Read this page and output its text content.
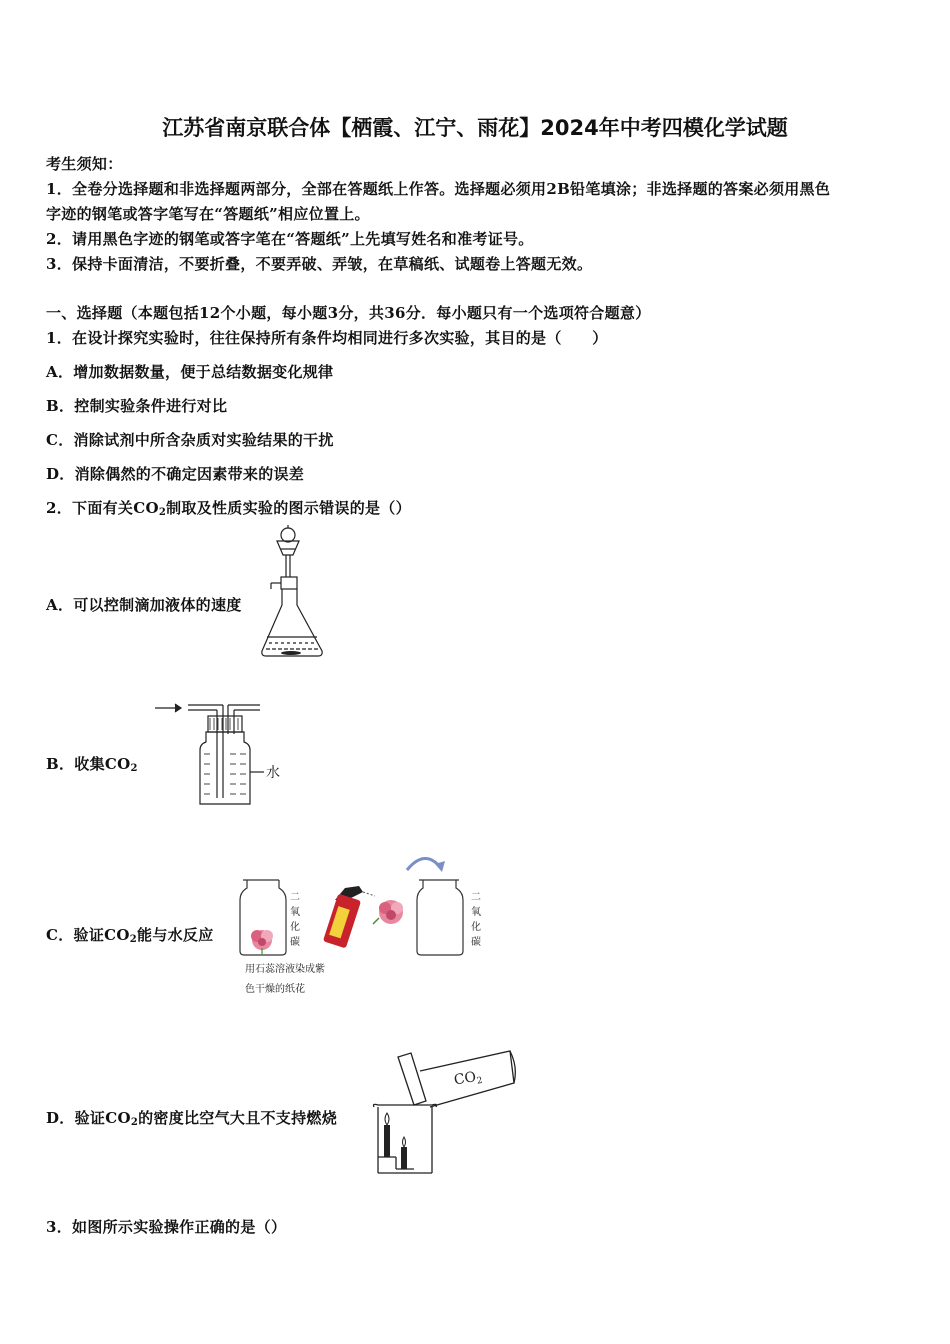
江苏省南京联合体【栖霞、江宁、雨花】2024年中考四模化学试题
考生须知：
1．全卷分选择题和非选择题两部分，全部在答题纸上作答。选择题必须用2B铅笔填涂；非选择题的答案必须用黑色
字迹的钢笔或答字笔写在“答题纸”相应位置上。
2．请用黑色字迹的钢笔或答字笔在“答题纸”上先填写姓名和准考证号。
3．保持卡面清洁，不要折叠，不要弄破、弄皱，在草稿纸、试题卷上答题无效。
一、选择题（本题包括12个小题，每小题3分，共36分．每小题只有一个选项符合题意）
1．在设计探究实验时，往往保持所有条件均相同进行多次实验，其目的是（　　）
A．增加数据数量，便于总结数据变化规律
B．控制实验条件进行对比
C．消除试剂中所含杂质对实验结果的干扰
D．消除偶然的不确定因素带来的误差
2．下面有关$CO_2$制取及性质实验的图示错误的是（）
A．可以控制滴加液体的速度
B．收集$CO_2$	水
C．验证$CO_2$能与水反应
二
氧
化
碳
用石蕊溶液染成紫
色干燥的纸花
二
氧
化
碳
D．验证$CO_2$的密度比空气大且不支持燃烧
$CO_2$
3．如图所示实验操作正确的是（）
